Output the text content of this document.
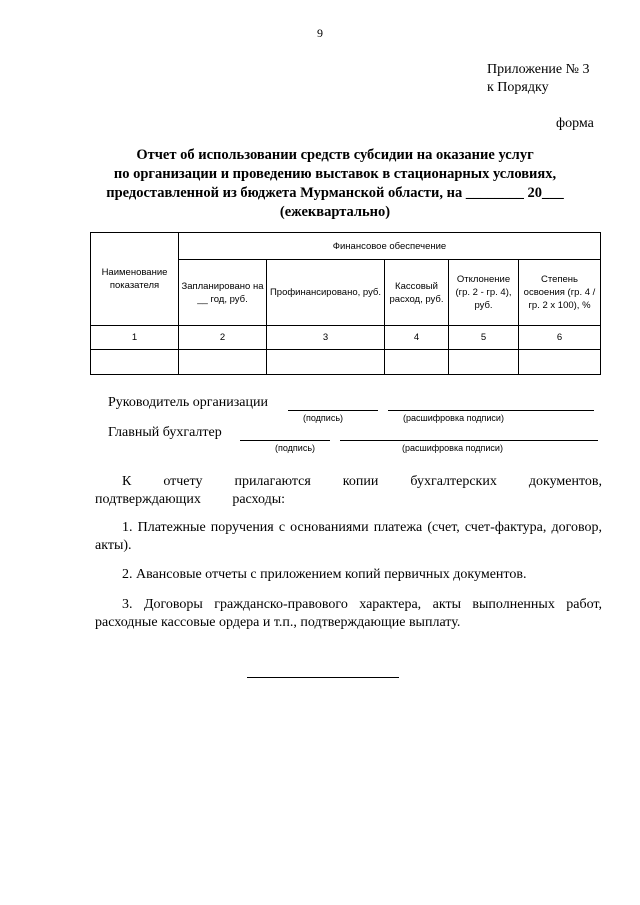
9
Приложение № 3
к Порядку
форма
Отчет об использовании средств субсидии на оказание услуг
по организации и проведению выставок в стационарных условиях,
предоставленной из бюджета Мурманской области, на ________ 20___
(ежеквартально)
Наименование показателя	Финансовое обеспечение				
	Запланировано на __ год, руб.	Профинансировано, руб.	Кассовый расход, руб.	Отклонение (гр. 2 - гр. 4), руб.	Степень освоения (гр. 4 / гр. 2 х 100), %
1	2	3	4	5	6

Руководитель организации
(подпись)	(расшифровка подписи)
Главный бухгалтер
(подпись)	(расшифровка подписи)
К отчету прилагаются копии бухгалтерских документов, подтверждающих расходы:
1. Платежные поручения с основаниями платежа (счет, счет-фактура, договор, акты).
2. Авансовые отчеты с приложением копий первичных документов.
3. Договоры гражданско-правового характера, акты выполненных работ, расходные кассовые ордера и т.п., подтверждающие выплату.
